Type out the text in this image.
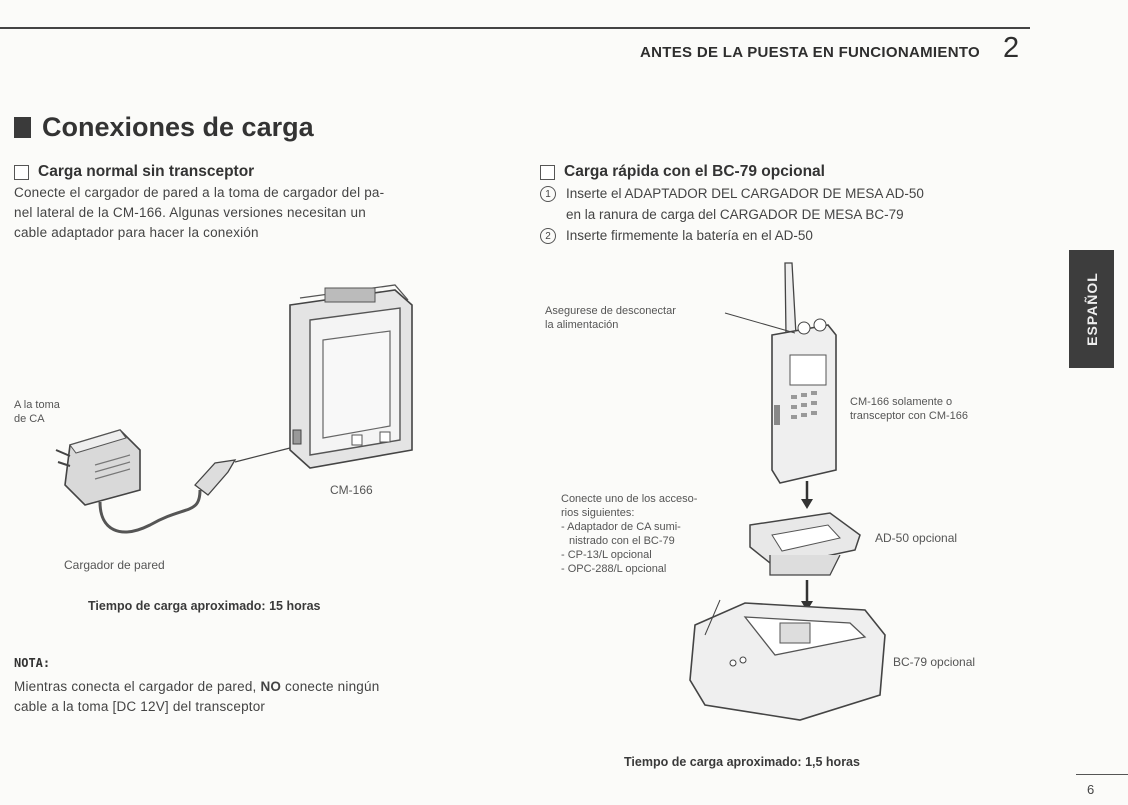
ANTES DE LA PUESTA EN FUNCIONAMIENTO 2
Conexiones de carga
Carga normal sin transceptor
Conecte el cargador de pared a la toma de cargador del pa-
nel lateral de la CM-166. Algunas versiones necesitan un
cable adaptador para hacer la conexión
A la toma
de CA
CM-166
Cargador de pared
Tiempo de carga aproximado: 15 horas
NOTA:
Mientras conecta el cargador de pared, NO conecte ningún
cable a la toma [DC 12V] del transceptor
Carga rápida con el BC-79 opcional
1	Inserte el ADAPTADOR DEL CARGADOR DE MESA AD-50
en la ranura de carga del CARGADOR DE MESA BC-79
2	Inserte firmemente la batería en el AD-50
Asegurese de desconectar
la alimentación
CM-166 solamente o
transceptor con CM-166
Conecte uno de los acceso-
rios siguientes:
- Adaptador de CA sumi-
nistrado con el BC-79
- CP-13/L opcional
- OPC-288/L opcional
AD-50 opcional
BC-79 opcional
Tiempo de carga aproximado: 1,5 horas
ESPAÑOL
6
